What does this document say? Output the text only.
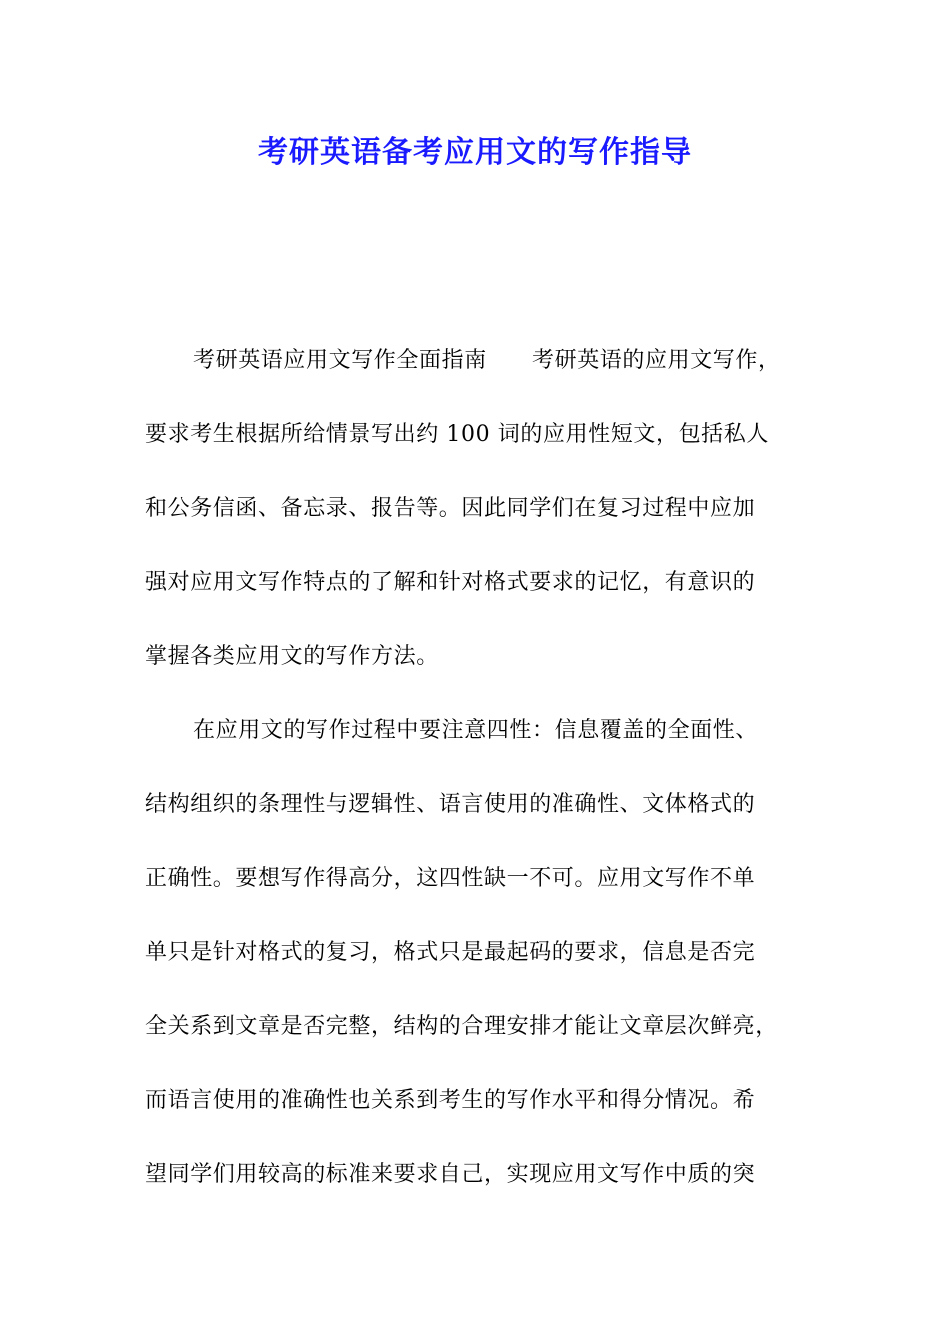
考研英语备考应用文的写作指导
考研英语应用文写作全面指南　　考研英语的应用文写作，
要求考生根据所给情景写出约 100 词的应用性短文，包括私人
和公务信函、备忘录、报告等。因此同学们在复习过程中应加
强对应用文写作特点的了解和针对格式要求的记忆，有意识的
掌握各类应用文的写作方法。
在应用文的写作过程中要注意四性：信息覆盖的全面性、
结构组织的条理性与逻辑性、语言使用的准确性、文体格式的
正确性。要想写作得高分，这四性缺一不可。应用文写作不单
单只是针对格式的复习，格式只是最起码的要求，信息是否完
全关系到文章是否完整，结构的合理安排才能让文章层次鲜亮，
而语言使用的准确性也关系到考生的写作水平和得分情况。希
望同学们用较高的标准来要求自己，实现应用文写作中质的突
